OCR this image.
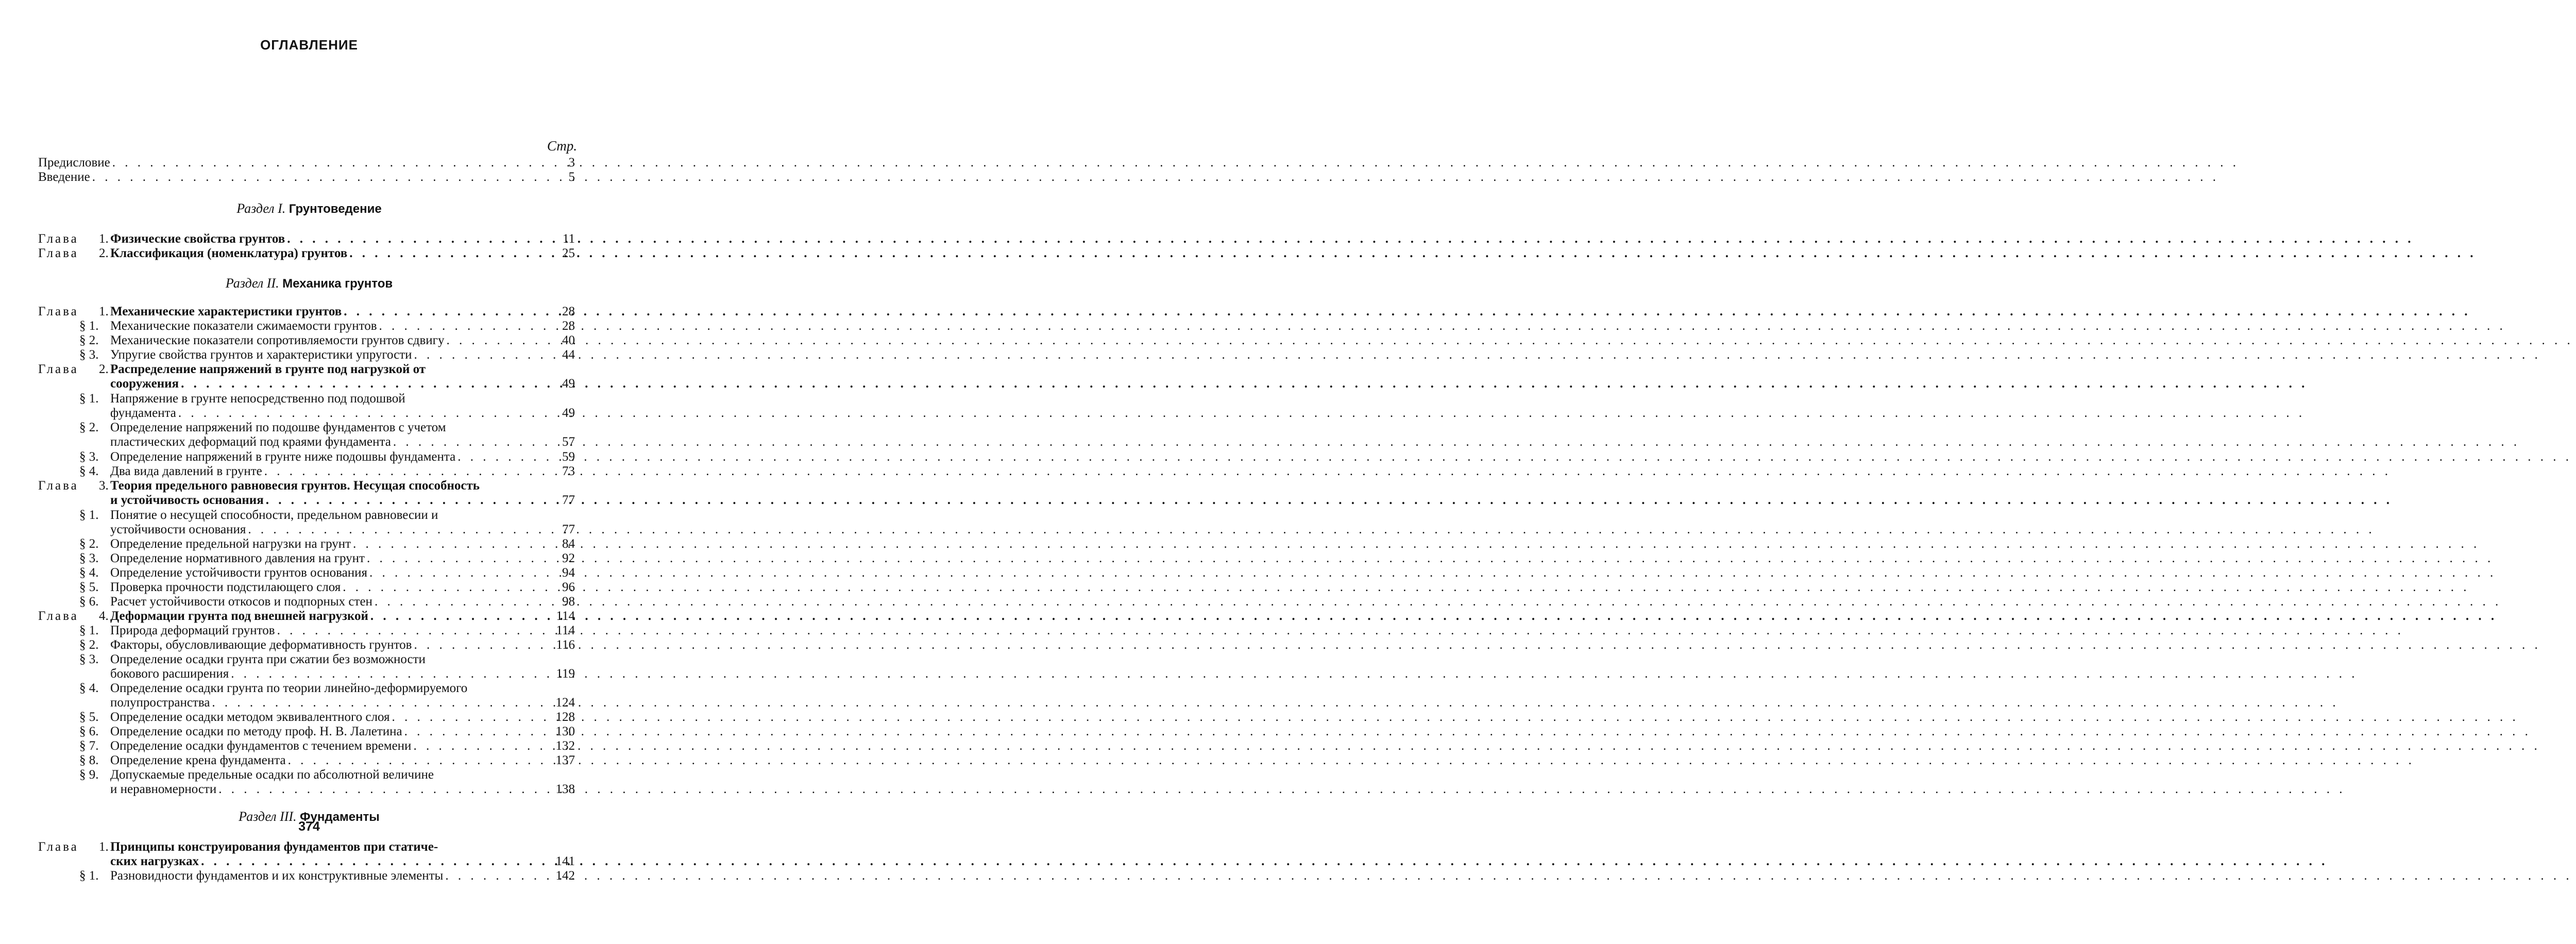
ОГЛАВЛЕНИЕ
Стр.
Предисловие . . .	3
Введение . . .	5
Раздел I. Грунтоведение
Глава 1. Физические свойства грунтов . . .	11
Глава 2. Классификация (номенклатура) грунтов . . .	25
Раздел II. Механика грунтов
Глава 1. Механические характеристики грунтов . . .	28
§ 1. Механические показатели сжимаемости грунтов . . .	28
§ 2. Механические показатели сопротивляемости грунтов сдвигу . . .	40
§ 3. Упругие свойства грунтов и характеристики упругости . . .	44
Глава 2. Распределение напряжений в грунте под нагрузкой от
сооружения . . .	49
§ 1. Напряжение в грунте непосредственно под подошвой
фундамента . . .	49
§ 2. Определение напряжений по подошве фундаментов с учетом
пластических деформаций под краями фундамента . . .	57
§ 3. Определение напряжений в грунте ниже подошвы фундамента . . .	59
§ 4. Два вида давлений в грунте . . .	73
Глава 3. Теория предельного равновесия грунтов. Несущая способность
и устойчивость основания . . .	77
§ 1. Понятие о несущей способности, предельном равновесии и
устойчивости основания . . .	77
§ 2. Определение предельной нагрузки на грунт . . .	84
§ 3. Определение нормативного давления на грунт . . .	92
§ 4. Определение устойчивости грунтов основания . . .	94
§ 5. Проверка прочности подстилающего слоя . . .	96
§ 6. Расчет устойчивости откосов и подпорных стен . . .	98
Глава 4. Деформации грунта под внешней нагрузкой . . .	114
§ 1. Природа деформаций грунтов . . .	114
§ 2. Факторы, обусловливающие деформативность грунтов . . .	116
§ 3. Определение осадки грунта при сжатии без возможности
бокового расширения . . .	119
§ 4. Определение осадки грунта по теории линейно-деформируемого
полупространства . . .	124
§ 5. Определение осадки методом эквивалентного слоя . . .	128
§ 6. Определение осадки по методу проф. Н. В. Лалетина . . .	130
§ 7. Определение осадки фундаментов с течением времени . . .	132
§ 8. Определение крена фундамента . . .	137
§ 9. Допускаемые предельные осадки по абсолютной величине
и неравномерности . . .	138
Раздел III. Фундаменты
Глава 1. Принципы конструирования фундаментов при статиче-
ских нагрузках . . .	141
§ 1. Разновидности фундаментов и их конструктивные элементы . . .	142
374
